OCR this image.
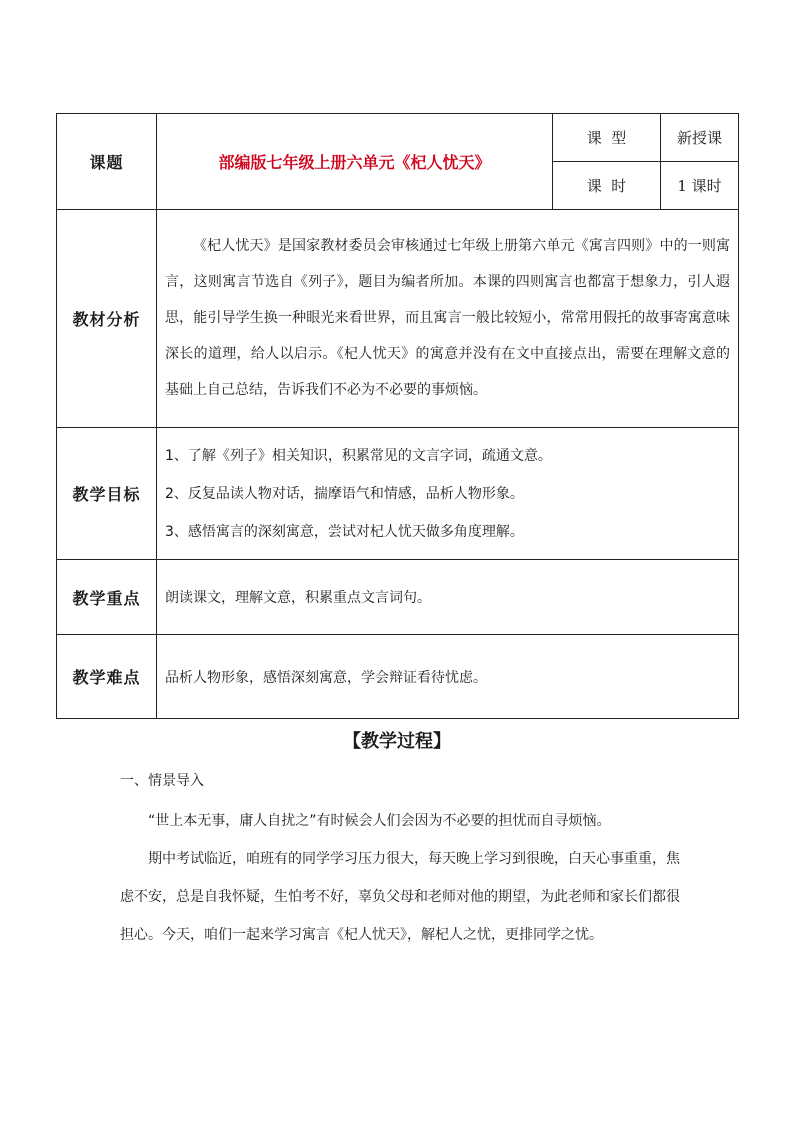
课题	部编版七年级上册六单元《杞人忧天》	课  型	新授课
		课  时	1 课时
教材分析	《杞人忧天》是国家教材委员会审核通过七年级上册第六单元《寓言四则》中的一则寓言，这则寓言节选自《列子》，题目为编者所加。本课的四则寓言也都富于想象力，引人遐思，能引导学生换一种眼光来看世界，而且寓言一般比较短小，常常用假托的故事寄寓意味深长的道理，给人以启示。《杞人忧天》的寓意并没有在文中直接点出，需要在理解文意的基础上自己总结，告诉我们不必为不必要的事烦恼。		

教学目标	1、了解《列子》相关知识，积累常见的文言字词，疏通文意。
2、反复品读人物对话，揣摩语气和情感，品析人物形象。
3、感悟寓言的深刻寓意，尝试对杞人忧天做多角度理解。		

教学重点	朗读课文，理解文意，积累重点文言词句。		

教学难点	品析人物形象，感悟深刻寓意，学会辩证看待忧虑。		
【教学过程】
一、情景导入
“世上本无事，庸人自扰之”有时候会人们会因为不必要的担忧而自寻烦恼。
期中考试临近，咱班有的同学学习压力很大，每天晚上学习到很晚，白天心事重重，焦虑不安，总是自我怀疑，生怕考不好，辜负父母和老师对他的期望，为此老师和家长们都很担心。今天，咱们一起来学习寓言《杞人忧天》，解杞人之忧，更排同学之忧。
